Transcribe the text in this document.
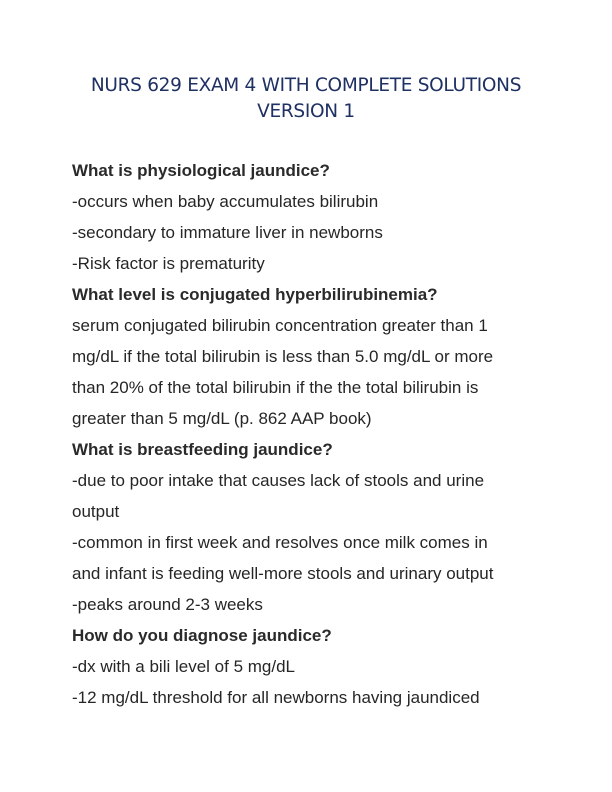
NURS 629 EXAM 4 WITH COMPLETE SOLUTIONS
VERSION 1
What is physiological jaundice?
-occurs when baby accumulates bilirubin
-secondary to immature liver in newborns
-Risk factor is prematurity
What level is conjugated hyperbilirubinemia?
serum conjugated bilirubin concentration greater than 1
mg/dL if the total bilirubin is less than 5.0 mg/dL or more
than 20% of the total bilirubin if the the total bilirubin is
greater than 5 mg/dL (p. 862 AAP book)
What is breastfeeding jaundice?
-due to poor intake that causes lack of stools and urine
output
-common in first week and resolves once milk comes in
and infant is feeding well-more stools and urinary output
-peaks around 2-3 weeks
How do you diagnose jaundice?
-dx with a bili level of 5 mg/dL
-12 mg/dL threshold for all newborns having jaundiced
